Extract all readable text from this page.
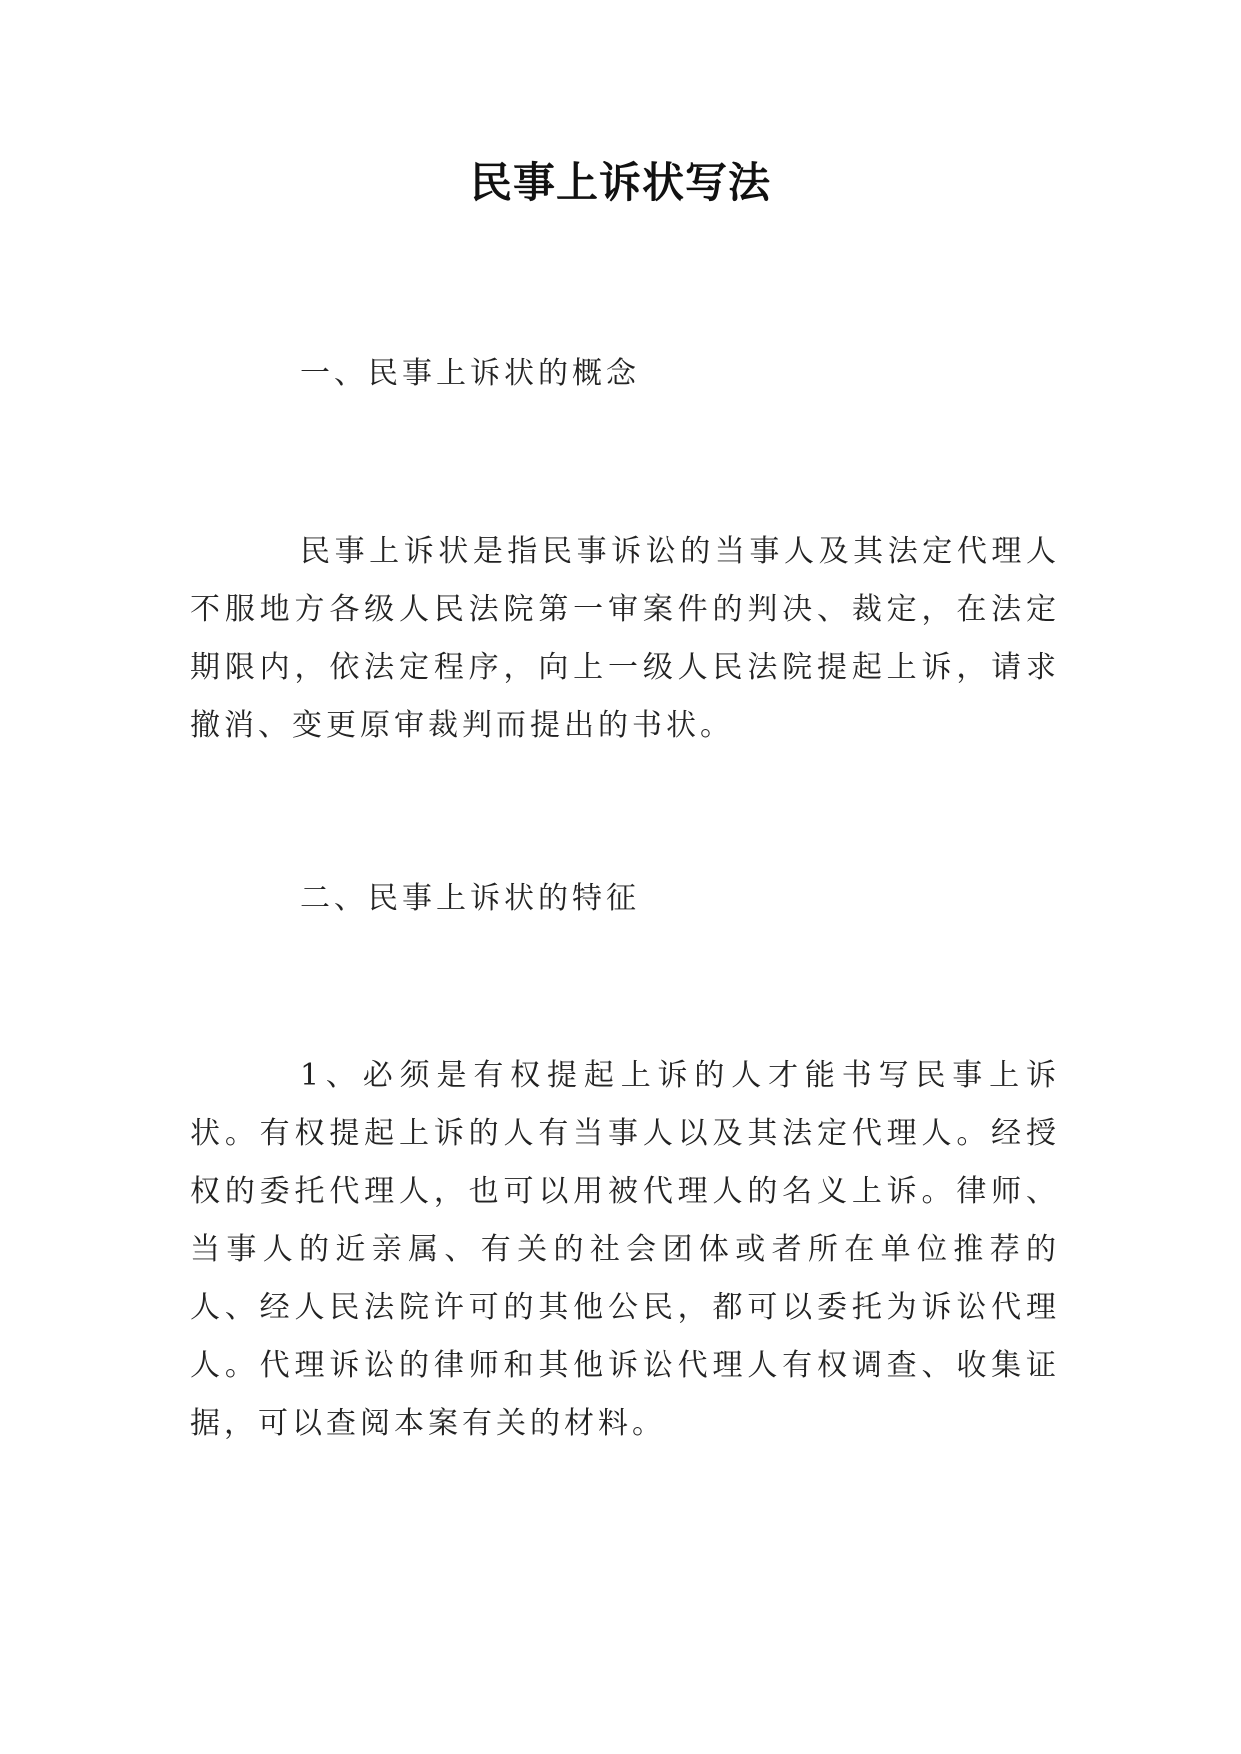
民事上诉状写法
一、民事上诉状的概念
民事上诉状是指民事诉讼的当事人及其法定代理人不服地方各级人民法院第一审案件的判决、裁定，在法定期限内，依法定程序，向上一级人民法院提起上诉，请求撤消、变更原审裁判而提出的书状。
二、民事上诉状的特征
1、必须是有权提起上诉的人才能书写民事上诉状。有权提起上诉的人有当事人以及其法定代理人。经授权的委托代理人，也可以用被代理人的名义上诉。律师、当事人的近亲属、有关的社会团体或者所在单位推荐的人、经人民法院许可的其他公民，都可以委托为诉讼代理人。代理诉讼的律师和其他诉讼代理人有权调查、收集证据，可以查阅本案有关的材料。
